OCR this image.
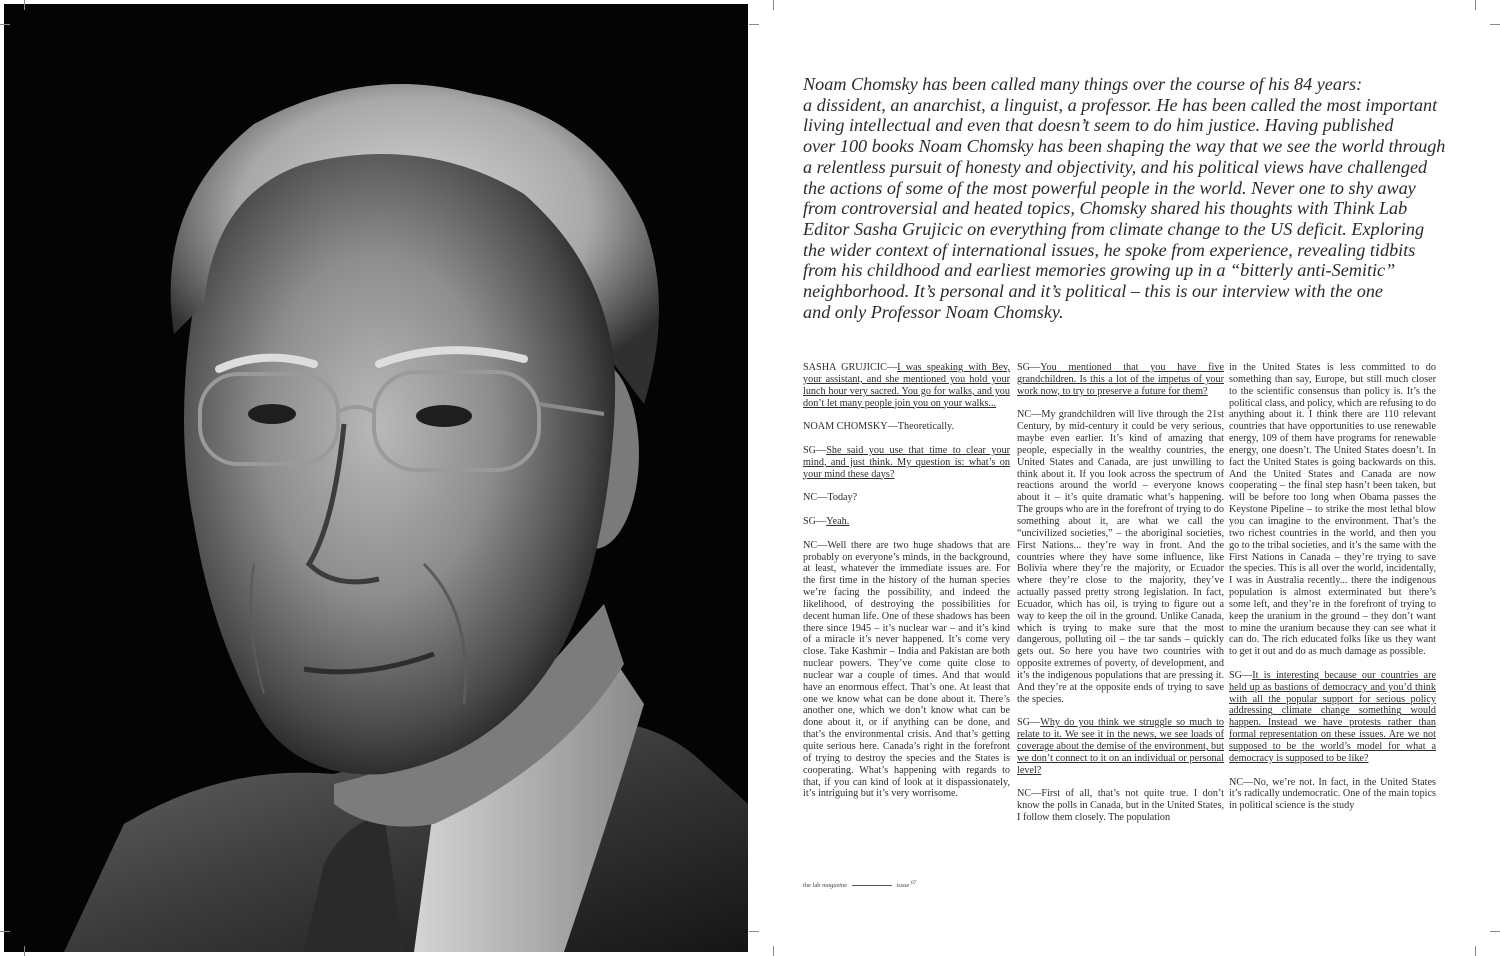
Noam Chomsky has been called many things over the course of his 84 years:

a dissident, an anarchist, a linguist, a professor. He has been called the most important

living intellectual and even that doesn’t seem to do him justice. Having published

over 100 books Noam Chomsky has been shaping the way that we see the world through

a relentless pursuit of honesty and objectivity, and his political views have challenged

the actions of some of the most powerful people in the world. Never one to shy away

from controversial and heated topics, Chomsky shared his thoughts with Think Lab

Editor Sasha Grujicic on everything from climate change to the US deficit. Exploring

the wider context of international issues, he spoke from experience, revealing tidbits

from his childhood and earliest memories growing up in a “bitterly anti-Semitic”

neighborhood. It’s personal and it’s political – this is our interview with the one

and only Professor Noam Chomsky.

SASHA GRUJICIC—I was speaking with Bev, your assistant, and she mentioned you hold your lunch hour very sacred. You go for walks, and you don’t let many people join you on your walks...

NOAM CHOMSKY—Theoretically.

SG—She said you use that time to clear your mind, and just think. My question is: what’s on your mind these days?

NC—Today?

SG—Yeah.

NC—Well there are two huge shadows that are probably on everyone’s minds, in the background, at least, whatever the immediate issues are. For the first time in the history of the human species we’re facing the possibility, and indeed the likelihood, of destroying the possibilities for decent human life. One of these shadows has been there since 1945 – it’s nuclear war – and it’s kind of a miracle it’s never happened. It’s come very close. Take Kashmir – India and Pakistan are both nuclear powers. They’ve come quite close to nuclear war a couple of times. And that would have an enormous effect. That’s one. At least that one we know what can be done about it. There’s another one, which we don’t know what can be done about it, or if anything can be done, and that’s the environmental crisis. And that’s getting quite serious here. Canada’s right in the forefront of trying to destroy the species and the States is cooperating. What’s happening with regards to that, if you can kind of look at it dispassionately, it’s intriguing but it’s very worrisome.

SG—You mentioned that you have five grandchildren. Is this a lot of the impetus of your work now, to try to preserve a future for them?

NC—My grandchildren will live through the 21st Century, by mid-century it could be very serious, maybe even earlier. It’s kind of amazing that people, especially in the wealthy countries, the United States and Canada, are just unwilling to think about it. If you look across the spectrum of reactions around the world – everyone knows about it – it’s quite dramatic what’s happening. The groups who are in the forefront of trying to do something about it, are what we call the “uncivilized societies,” – the aboriginal societies, First Nations... they’re way in front. And the countries where they have some influence, like Bolivia where they’re the majority, or Ecuador where they’re close to the majority, they’ve actually passed pretty strong legislation. In fact, Ecuador, which has oil, is trying to figure out a way to keep the oil in the ground. Unlike Canada, which is trying to make sure that the most dangerous, polluting oil – the tar sands – quickly gets out. So here you have two countries with opposite extremes of poverty, of development, and it’s the indigenous populations that are pressing it. And they’re at the opposite ends of trying to save the species.

SG—Why do you think we struggle so much to relate to it. We see it in the news, we see loads of coverage about the demise of the environment, but we don’t connect to it on an individual or personal level?

NC—First of all, that’s not quite true. I don’t know the polls in Canada, but in the United States, I follow them closely. The population

in the United States is less committed to do something than say, Europe, but still much closer to the scientific consensus than policy is. It’s the political class, and policy, which are refusing to do anything about it. I think there are 110 relevant countries that have opportunities to use renewable energy, 109 of them have programs for renewable energy, one doesn’t. The United States doesn’t. In fact the United States is going backwards on this. And the United States and Canada are now cooperating – the final step hasn’t been taken, but will be before too long when Obama passes the Keystone Pipeline – to strike the most lethal blow you can imagine to the environment. That’s the two richest countries in the world, and then you go to the tribal societies, and it’s the same with the First Nations in Canada – they’re trying to save the species. This is all over the world, incidentally, I was in Australia recently... there the indigenous population is almost exterminated but there’s some left, and they’re in the forefront of trying to keep the uranium in the ground – they don’t want to mine the uranium because they can see what it can do. The rich educated folks like us they want to get it out and do as much damage as possible.

SG—It is interesting because our countries are held up as bastions of democracy and you’d think with all the popular support for serious policy addressing climate change something would happen. Instead we have protests rather than formal representation on these issues. Are we not supposed to be the world’s model for what a democracy is supposed to be like?

NC—No, we’re not. In fact, in the United States it’s radically undemocratic. One of the main topics in political science is the study

the lab magazine	issue $^{07}$
